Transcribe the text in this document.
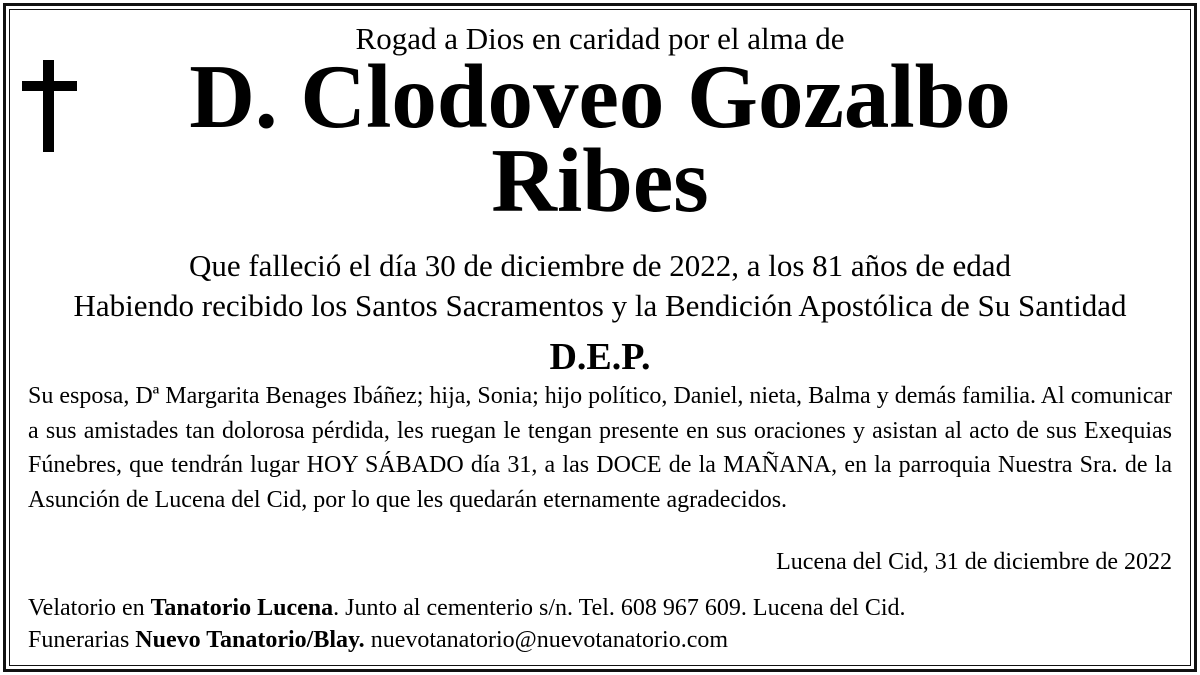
Rogad a Dios en caridad por el alma de
D. Clodoveo Gozalbo
Ribes
Que falleció el día 30 de diciembre de 2022, a los 81 años de edad
Habiendo recibido los Santos Sacramentos y la Bendición Apostólica de Su Santidad
D.E.P.
Su esposa, Dª Margarita Benages Ibáñez; hija, Sonia; hijo político, Daniel, nieta, Balma y demás familia. Al comunicar a sus amistades tan dolorosa pérdida, les ruegan le tengan presente en sus oraciones y asistan al acto de sus Exequias Fúnebres, que tendrán lugar HOY SÁBADO día 31, a las DOCE de la MAÑANA, en la parroquia Nuestra Sra. de la Asunción de Lucena del Cid, por lo que les quedarán eternamente agradecidos.
Lucena del Cid, 31 de diciembre de 2022
Velatorio en Tanatorio Lucena. Junto al cementerio s/n. Tel. 608 967 609. Lucena del Cid.
Funerarias Nuevo Tanatorio/Blay. nuevotanatorio@nuevotanatorio.com
